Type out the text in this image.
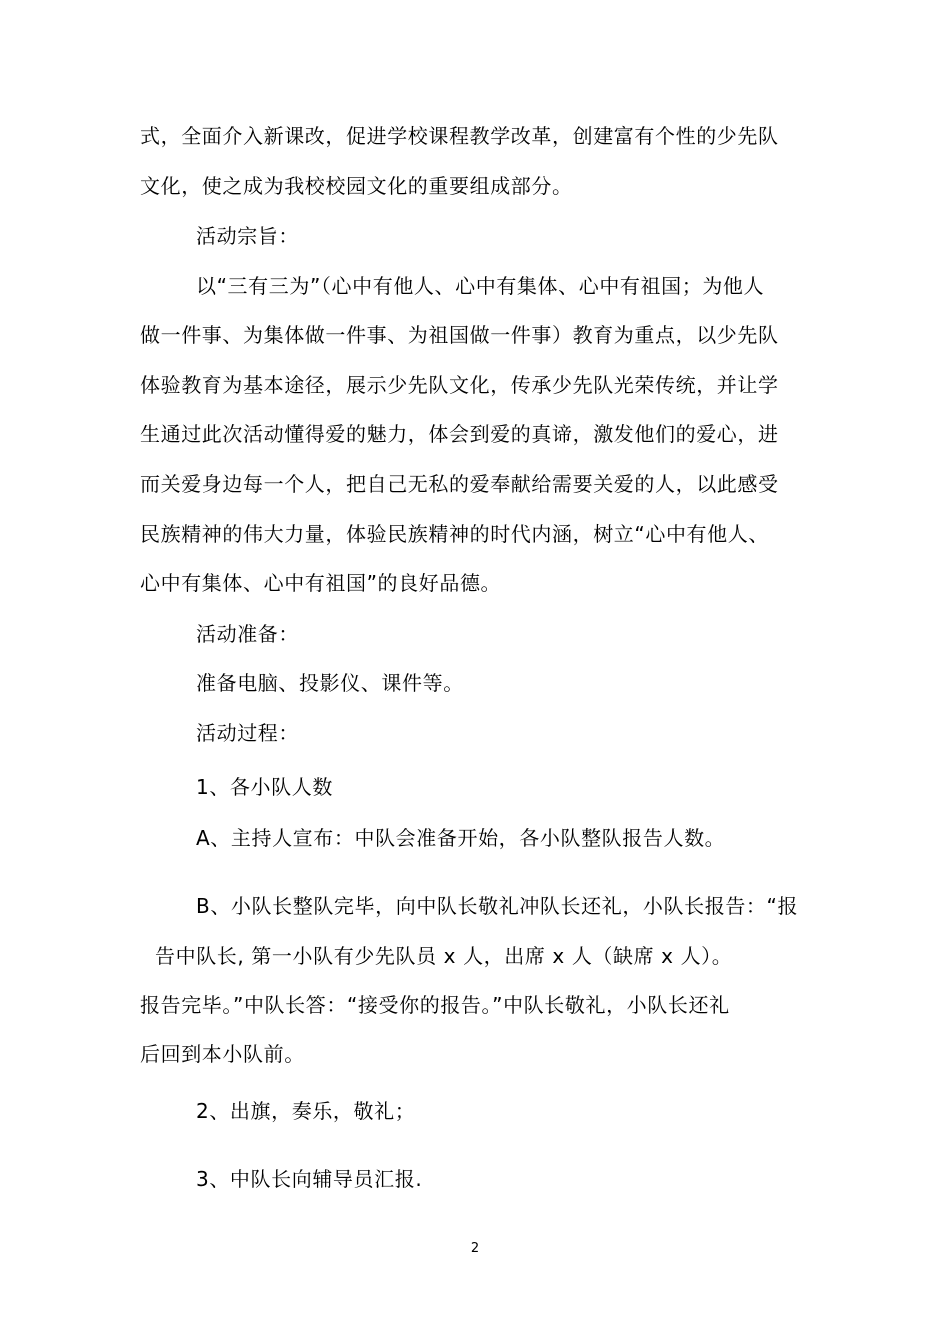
式，全面介入新课改，促进学校课程教学改革，创建富有个性的少先队
文化，使之成为我校校园文化的重要组成部分。
活动宗旨：
以“三有三为”（心中有他人、心中有集体、心中有祖国；为他人
做一件事、为集体做一件事、为祖国做一件事）教育为重点，以少先队
体验教育为基本途径，展示少先队文化，传承少先队光荣传统，并让学
生通过此次活动懂得爱的魅力，体会到爱的真谛，激发他们的爱心，进
而关爱身边每一个人，把自己无私的爱奉献给需要关爱的人，以此感受
民族精神的伟大力量，体验民族精神的时代内涵，树立“心中有他人、
心中有集体、心中有祖国”的良好品德。
活动准备：
准备电脑、投影仪、课件等。
活动过程：
1、各小队人数
A、主持人宣布：中队会准备开始，各小队整队报告人数。
B、小队长整队完毕，向中队长敬礼冲队长还礼，小队长报告：“报
告中队长, 第一小队有少先队员 x 人，出席 x 人（缺席 x 人）。
报告完毕。”中队长答：“接受你的报告。”中队长敬礼，小队长还礼
后回到本小队前。
2、出旗，奏乐，敬礼；
3、中队长向辅导员汇报.
2
